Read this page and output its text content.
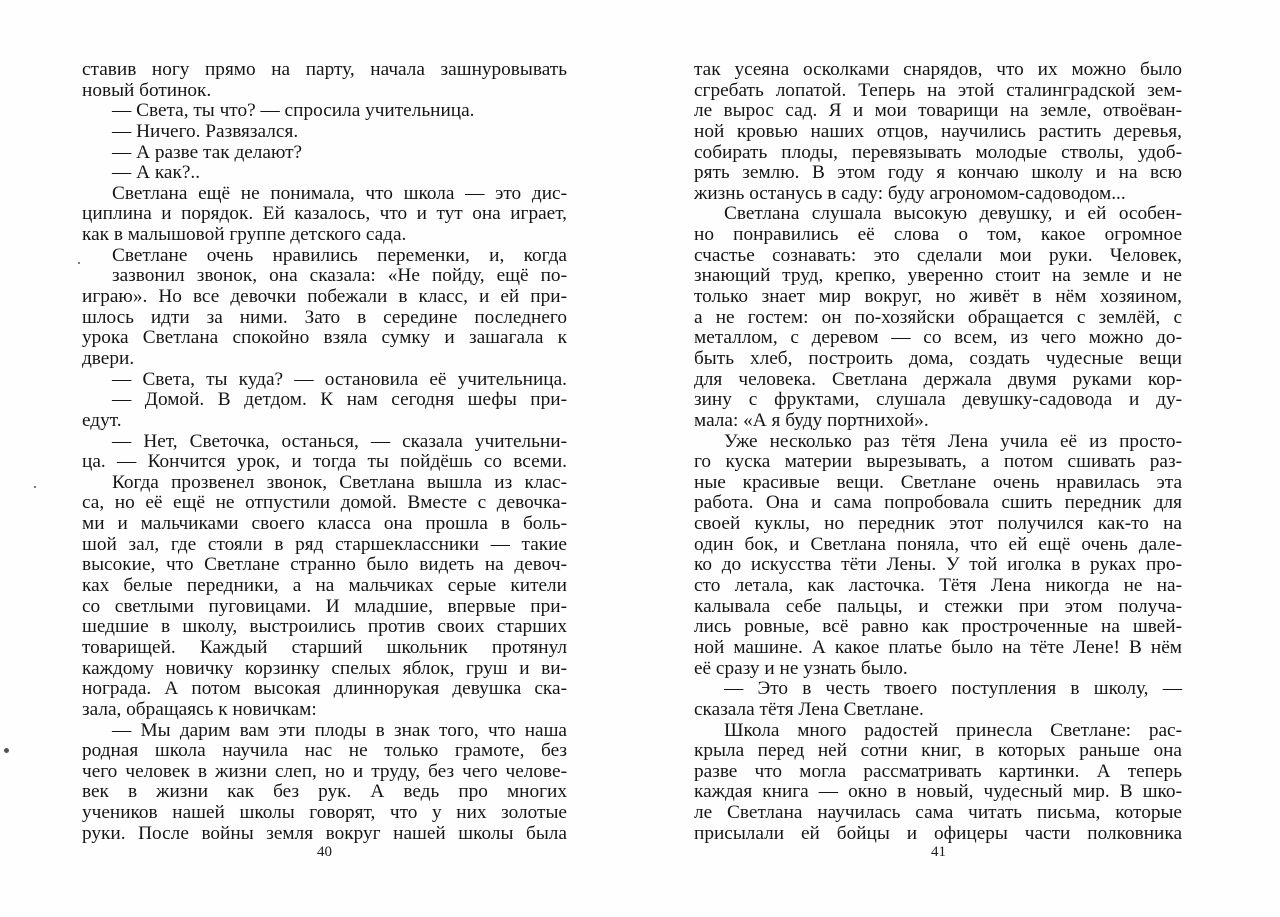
ставив ногу прямо на парту, начала зашнуровывать
новый ботинок.
— Света, ты что? — спросила учительница.
— Ничего. Развязался.
— А разве так делают?
— А как?..
Светлана ещё не понимала, что школа — это дис-
циплина и порядок. Ей казалось, что и тут она играет,
как в малышовой группе детского сада.
Светлане очень нравились переменки, и, когда
зазвонил звонок, она сказала: «Не пойду, ещё по-
играю». Но все девочки побежали в класс, и ей при-
шлось идти за ними. Зато в середине последнего
урока Светлана спокойно взяла сумку и зашагала к
двери.
— Света, ты куда? — остановила её учительница.
— Домой. В детдом. К нам сегодня шефы при-
едут.
— Нет, Светочка, останься, — сказала учительни-
ца. — Кончится урок, и тогда ты пойдёшь со всеми.
Когда прозвенел звонок, Светлана вышла из клас-
са, но её ещё не отпустили домой. Вместе с девочка-
ми и мальчиками своего класса она прошла в боль-
шой зал, где стояли в ряд старшеклассники — такие
высокие, что Светлане странно было видеть на девоч-
ках белые передники, а на мальчиках серые кители
со светлыми пуговицами. И младшие, впервые при-
шедшие в школу, выстроились против своих старших
товарищей. Каждый старший школьник протянул
каждому новичку корзинку спелых яблок, груш и ви-
нограда. А потом высокая длиннорукая девушка ска-
зала, обращаясь к новичкам:
— Мы дарим вам эти плоды в знак того, что наша
родная школа научила нас не только грамоте, без
чего человек в жизни слеп, но и труду, без чего челове-
век в жизни как без рук. А ведь про многих
учеников нашей школы говорят, что у них золотые
руки. После войны земля вокруг нашей школы была
так усеяна осколками снарядов, что их можно было
сгребать лопатой. Теперь на этой сталинградской зем-
ле вырос сад. Я и мои товарищи на земле, отвоёван-
ной кровью наших отцов, научились растить деревья,
собирать плоды, перевязывать молодые стволы, удоб-
рять землю. В этом году я кончаю школу и на всю
жизнь останусь в саду: буду агрономом-садоводом...
Светлана слушала высокую девушку, и ей особен-
но понравились её слова о том, какое огромное
счастье сознавать: это сделали мои руки. Человек,
знающий труд, крепко, уверенно стоит на земле и не
только знает мир вокруг, но живёт в нём хозяином,
а не гостем: он по-хозяйски обращается с землёй, с
металлом, с деревом — со всем, из чего можно до-
быть хлеб, построить дома, создать чудесные вещи
для человека. Светлана держала двумя руками кор-
зину с фруктами, слушала девушку-садовода и ду-
мала: «А я буду портнихой».
Уже несколько раз тётя Лена учила её из просто-
го куска материи вырезывать, а потом сшивать раз-
ные красивые вещи. Светлане очень нравилась эта
работа. Она и сама попробовала сшить передник для
своей куклы, но передник этот получился как-то на
один бок, и Светлана поняла, что ей ещё очень дале-
ко до искусства тёти Лены. У той иголка в руках про-
сто летала, как ласточка. Тётя Лена никогда не на-
калывала себе пальцы, и стежки при этом получа-
лись ровные, всё равно как простроченные на швей-
ной машине. А какое платье было на тёте Лене! В нём
её сразу и не узнать было.
— Это в честь твоего поступления в школу, —
сказала тётя Лена Светлане.
Школа много радостей принесла Светлане: рас-
крыла перед ней сотни книг, в которых раньше она
разве что могла рассматривать картинки. А теперь
каждая книга — окно в новый, чудесный мир. В шко-
ле Светлана научилась сама читать письма, которые
присылали ей бойцы и офицеры части полковника
40	41
